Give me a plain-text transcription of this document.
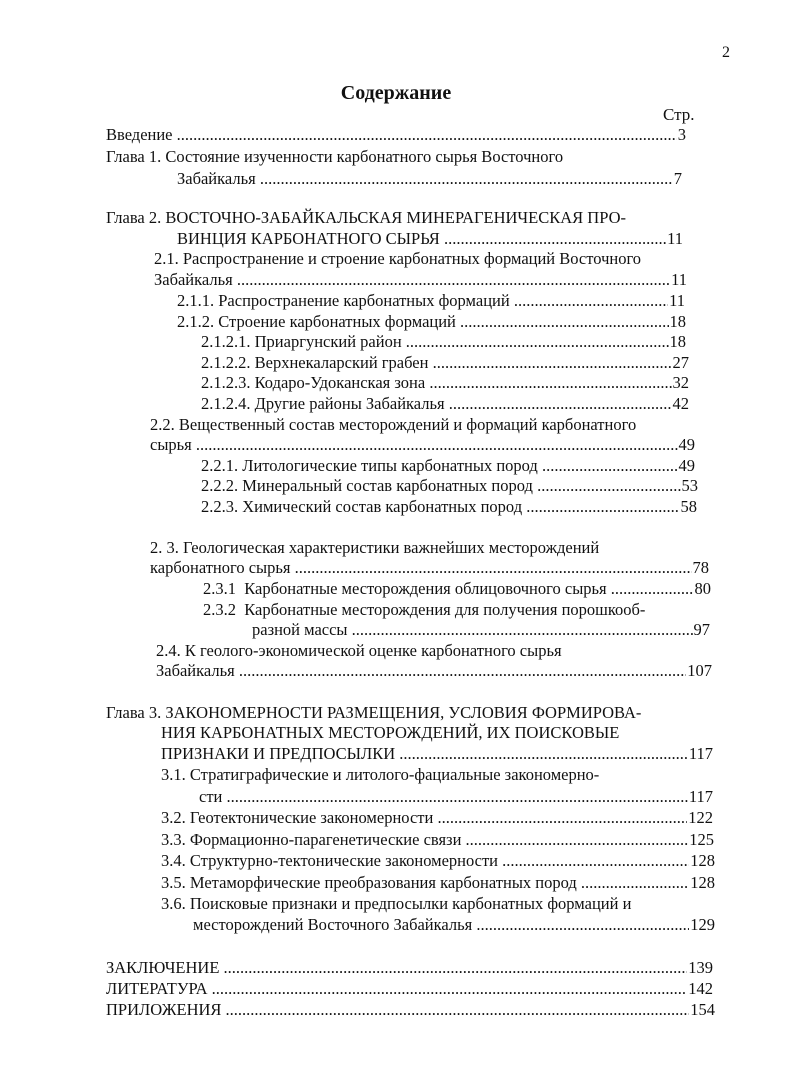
2
Содержание
Стр.
Введение	3
.....
Глава 1. Состояние изученности карбонатного сырья Восточного
Забайкалья	7
.....
Глава 2. ВОСТОЧНО-ЗАБАЙКАЛЬСКАЯ МИНЕРАГЕНИЧЕСКАЯ ПРО-
ВИНЦИЯ КАРБОНАТНОГО СЫРЬЯ	11
.....
2.1. Распространение и строение карбонатных формаций Восточного
Забайкалья	11
.....
2.1.1. Распространение карбонатных формаций	11
.....
2.1.2. Строение карбонатных формаций	18
.....
2.1.2.1. Приаргунский район	18
.....
2.1.2.2. Верхнекаларский грабен	27
.....
2.1.2.3. Кодаро-Удоканская зона	32
.....
2.1.2.4. Другие районы Забайкалья	42
.....
2.2. Вещественный состав месторождений и формаций карбонатного
сырья	49
.....
2.2.1. Литологические типы карбонатных пород	49
.....
2.2.2. Минеральный состав карбонатных пород	53
.....
2.2.3. Химический состав карбонатных пород	58
.....
2. 3. Геологическая характеристики важнейших месторождений
карбонатного сырья	78
.....
2.3.1  Карбонатные месторождения облицовочного сырья	80
.....
2.3.2  Карбонатные месторождения для получения порошкооб-
разной массы	97
.....
2.4. К геолого-экономической оценке карбонатного сырья
Забайкалья	107
.....
Глава 3. ЗАКОНОМЕРНОСТИ РАЗМЕЩЕНИЯ, УСЛОВИЯ ФОРМИРОВА-
НИЯ КАРБОНАТНЫХ МЕСТОРОЖДЕНИЙ, ИХ ПОИСКОВЫЕ
ПРИЗНАКИ И ПРЕДПОСЫЛКИ	117
.....
3.1. Стратиграфические и литолого-фациальные закономерно-
сти	117
.....
3.2. Геотектонические закономерности	122
.....
3.3. Формационно-парагенетические связи	125
.....
3.4. Структурно-тектонические закономерности	128
.....
3.5. Метаморфические преобразования карбонатных пород	128
.....
3.6. Поисковые признаки и предпосылки карбонатных формаций и
месторождений Восточного Забайкалья	129
.....
ЗАКЛЮЧЕНИЕ	139
.....
ЛИТЕРАТУРА	142
.....
ПРИЛОЖЕНИЯ	154
.....
